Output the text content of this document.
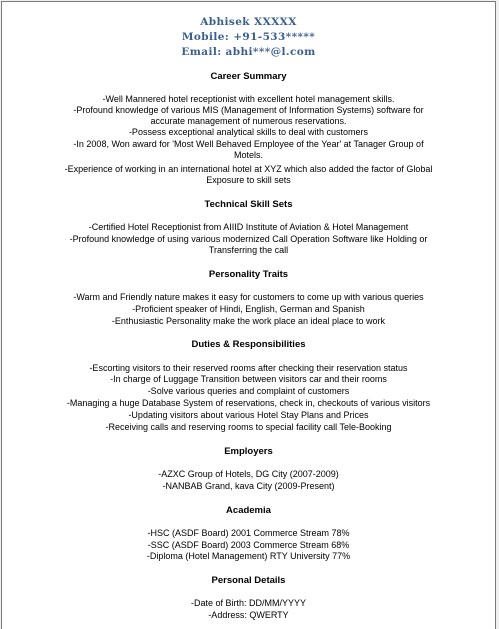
Abhisek XXXXX
Mobile: +91-533*****
Email: abhi***@l.com
Career Summary
-Well Mannered hotel receptionist with excellent hotel management skills.
-Profound knowledge of various MIS (Management of Information Systems) software for
accurate management of numerous reservations.
-Possess exceptional analytical skills to deal with customers
-In 2008, Won award for 'Most Well Behaved Employee of the Year' at Tanager Group of
Motels.
-Experience of working in an international hotel at XYZ which also added the factor of Global
Exposure to skill sets
Technical Skill Sets
-Certified Hotel Receptionist from AIIID Institute of Aviation & Hotel Management
-Profound knowledge of using various modernized Call Operation Software like Holding or
Transferring the call
Personality Traits
-Warm and Friendly nature makes it easy for customers to come up with various queries
-Proficient speaker of Hindi, English, German and Spanish
-Enthusiastic Personality make the work place an ideal place to work
Duties & Responsibilities
-Escorting visitors to their reserved rooms after checking their reservation status
-In charge of Luggage Transition between visitors car and their rooms
-Solve various queries and complaint of customers
-Managing a huge Database System of reservations, check in, checkouts of various visitors
-Updating visitors about various Hotel Stay Plans and Prices
-Receiving calls and reserving rooms to special facility call Tele-Booking
Employers
-AZXC Group of Hotels, DG City (2007-2009)
-NANBAB Grand, kava City (2009-Present)
Academia
-HSC (ASDF Board) 2001 Commerce Stream 78%
-SSC (ASDF Board) 2003 Commerce Stream 68%
-Diploma (Hotel Management) RTY University 77%
Personal Details
-Date of Birth: DD/MM/YYYY
-Address: QWERTY
